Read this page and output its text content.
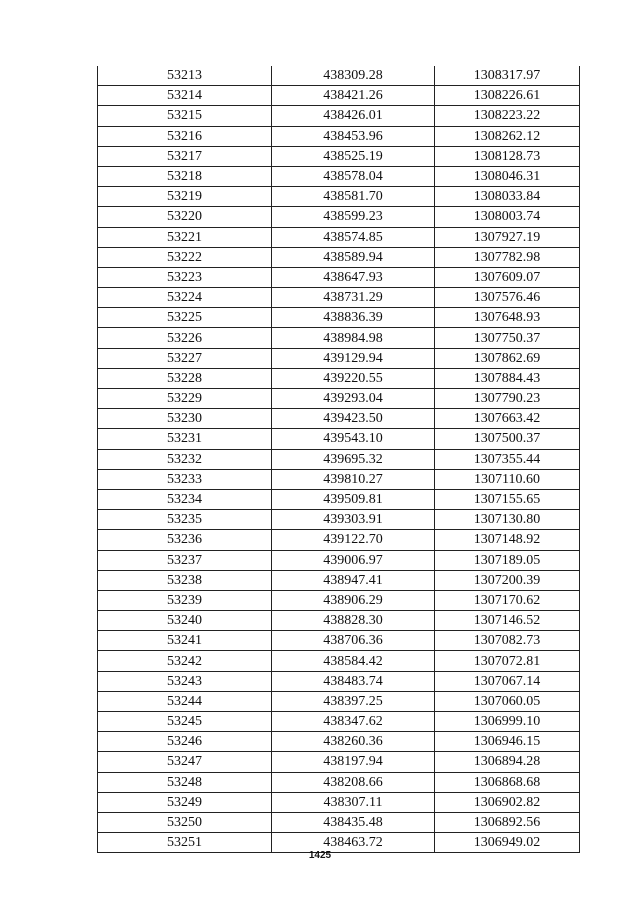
53213	438309.28	1308317.97
53214	438421.26	1308226.61
53215	438426.01	1308223.22
53216	438453.96	1308262.12
53217	438525.19	1308128.73
53218	438578.04	1308046.31
53219	438581.70	1308033.84
53220	438599.23	1308003.74
53221	438574.85	1307927.19
53222	438589.94	1307782.98
53223	438647.93	1307609.07
53224	438731.29	1307576.46
53225	438836.39	1307648.93
53226	438984.98	1307750.37
53227	439129.94	1307862.69
53228	439220.55	1307884.43
53229	439293.04	1307790.23
53230	439423.50	1307663.42
53231	439543.10	1307500.37
53232	439695.32	1307355.44
53233	439810.27	1307110.60
53234	439509.81	1307155.65
53235	439303.91	1307130.80
53236	439122.70	1307148.92
53237	439006.97	1307189.05
53238	438947.41	1307200.39
53239	438906.29	1307170.62
53240	438828.30	1307146.52
53241	438706.36	1307082.73
53242	438584.42	1307072.81
53243	438483.74	1307067.14
53244	438397.25	1307060.05
53245	438347.62	1306999.10
53246	438260.36	1306946.15
53247	438197.94	1306894.28
53248	438208.66	1306868.68
53249	438307.11	1306902.82
53250	438435.48	1306892.56
53251	438463.72	1306949.02
1425
